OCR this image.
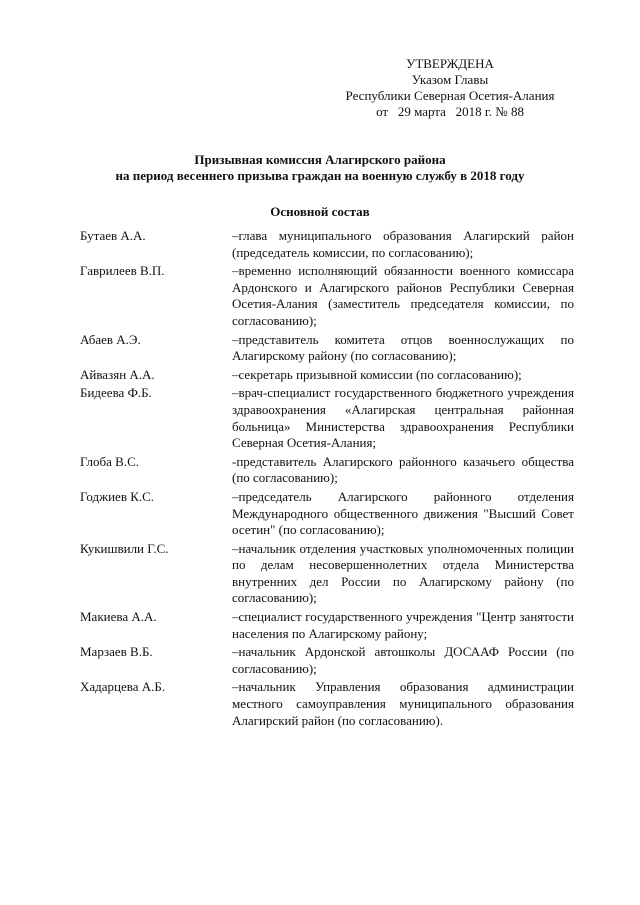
УТВЕРЖДЕНА
Указом Главы
Республики Северная Осетия-Алания
от   29 марта   2018 г. № 88
Призывная комиссия Алагирского района
на период весеннего призыва граждан на военную службу в 2018 году
Основной состав
Бутаев А.А.	–глава муниципального образования Алагирский район (председатель комиссии, по согласованию);
Гаврилеев В.П.	–временно исполняющий обязанности военного комиссара Ардонского и Алагирского районов Республики Северная Осетия-Алания (заместитель председателя комиссии, по согласованию);
Абаев А.Э.	–представитель комитета отцов военнослужащих по Алагирскому району (по согласованию);
Айвазян А.А.	–секретарь призывной комиссии (по согласованию);
Бидеева Ф.Б.	–врач-специалист государственного бюджетного учреждения здравоохранения «Алагирская центральная районная больница» Министерства здравоохранения Республики Северная Осетия-Алания;
Глоба В.С.	-представитель Алагирского районного казачьего общества (по согласованию);
Годжиев К.С.	–председатель Алагирского районного отделения Международного общественного движения "Высший Совет осетин" (по согласованию);
Кукишвили Г.С.	–начальник отделения участковых уполномоченных полиции по делам несовершеннолетних отдела Министерства внутренних дел России по Алагирскому району (по согласованию);
Макиева А.А.	–специалист государственного учреждения "Центр занятости населения по Алагирскому району;
Марзаев В.Б.	–начальник Ардонской автошколы ДОСААФ России (по согласованию);
Хадарцева А.Б.	–начальник Управления образования администрации местного самоуправления муниципального образования Алагирский район (по согласованию).
